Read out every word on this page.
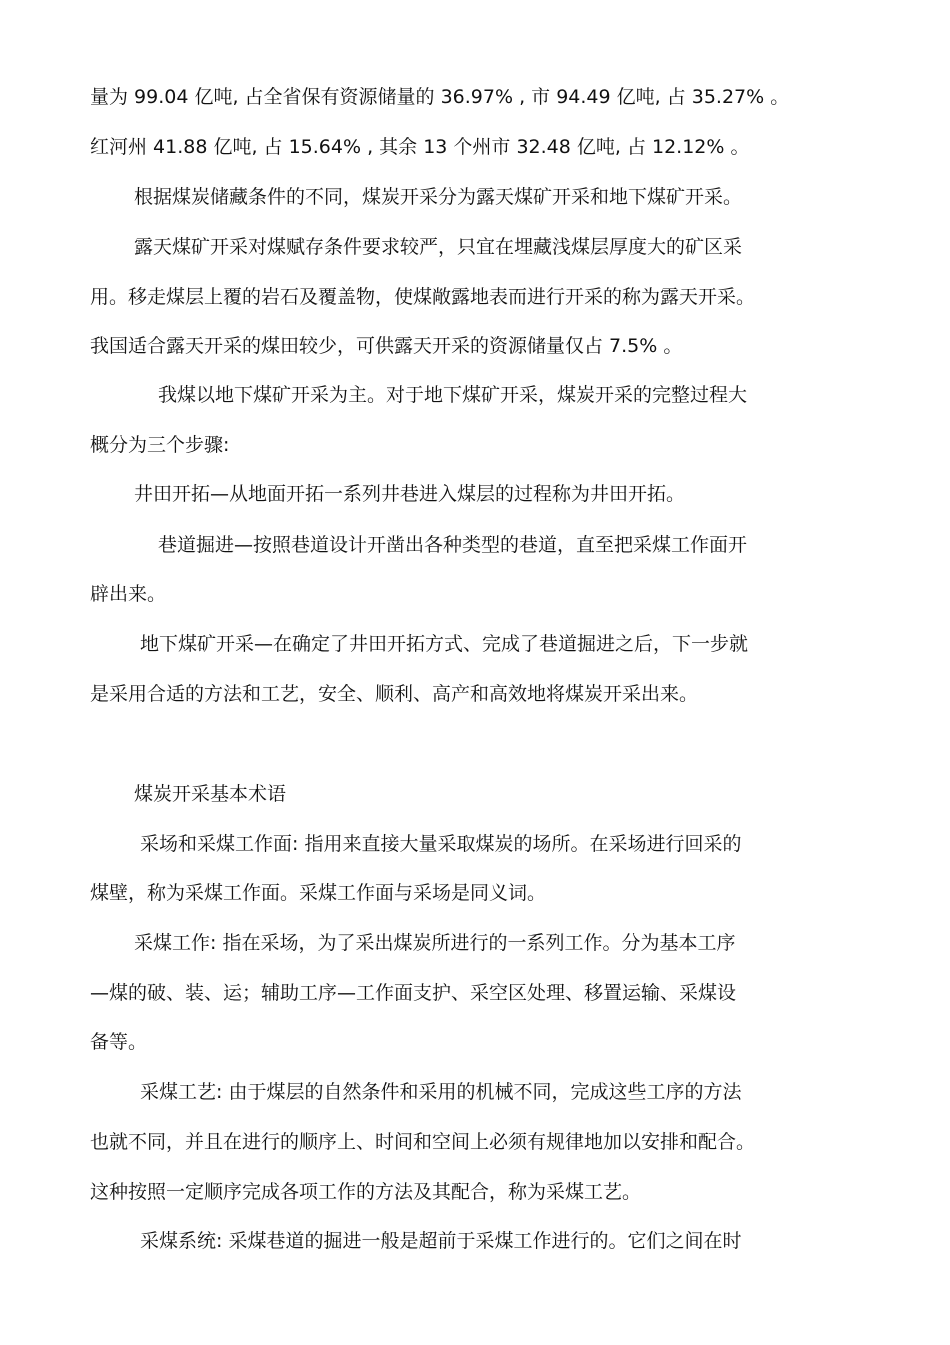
量为 99.04 亿吨, 占全省保有资源储量的 36.97% , 市 94.49 亿吨, 占 35.27% 。

红河州 41.88 亿吨, 占 15.64% , 其余 13 个州市 32.48 亿吨, 占 12.12% 。

根据煤炭储藏条件的不同，煤炭开采分为露天煤矿开采和地下煤矿开采。

露天煤矿开采对煤赋存条件要求较严，只宜在埋藏浅煤层厚度大的矿区采

用。移走煤层上覆的岩石及覆盖物，使煤敞露地表而进行开采的称为露天开采。

我国适合露天开采的煤田较少，可供露天开采的资源储量仅占 7.5% 。

我煤以地下煤矿开采为主。对于地下煤矿开采，煤炭开采的完整过程大

概分为三个步骤:

井田开拓—从地面开拓一系列井巷进入煤层的过程称为井田开拓。

巷道掘进—按照巷道设计开凿出各种类型的巷道，直至把采煤工作面开

辟出来。

地下煤矿开采—在确定了井田开拓方式、完成了巷道掘进之后，下一步就

是采用合适的方法和工艺，安全、顺利、高产和高效地将煤炭开采出来。

煤炭开采基本术语

采场和采煤工作面: 指用来直接大量采取煤炭的场所。在采场进行回采的

煤壁，称为采煤工作面。采煤工作面与采场是同义词。

采煤工作: 指在采场，为了采出煤炭所进行的一系列工作。分为基本工序

—煤的破、装、运；辅助工序—工作面支护、采空区处理、移置运输、采煤设

备等。

采煤工艺: 由于煤层的自然条件和采用的机械不同，完成这些工序的方法

也就不同，并且在进行的顺序上、时间和空间上必须有规律地加以安排和配合。

这种按照一定顺序完成各项工作的方法及其配合，称为采煤工艺。

采煤系统: 采煤巷道的掘进一般是超前于采煤工作进行的。它们之间在时
